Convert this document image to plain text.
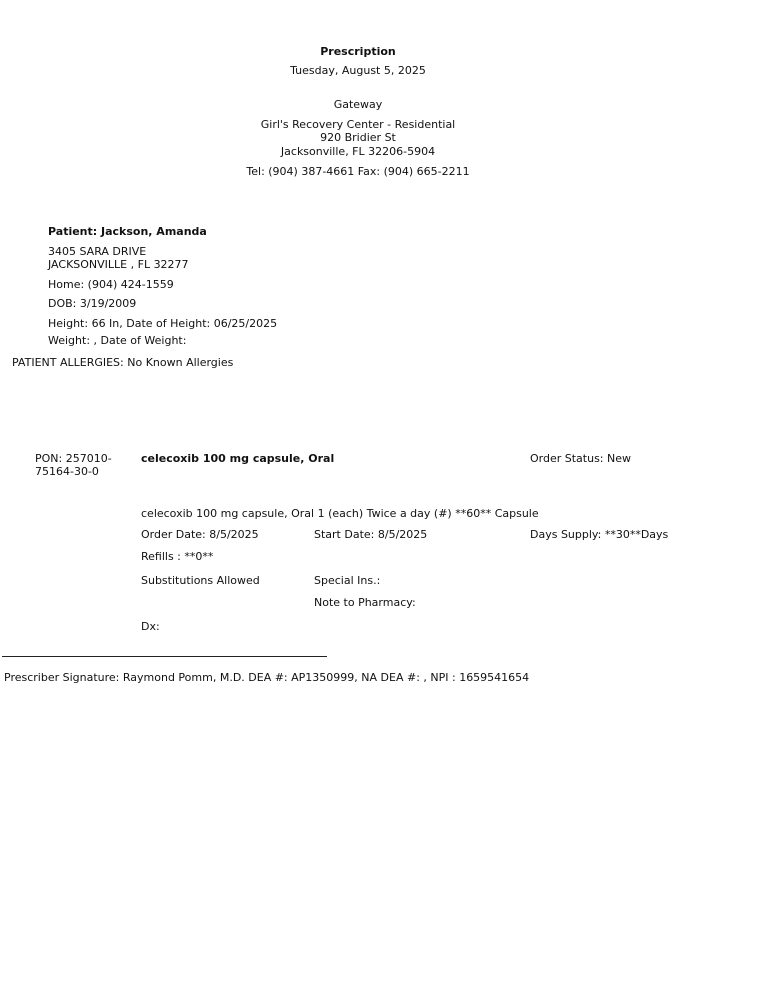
Prescription
Tuesday, August 5, 2025
Gateway
Girl's Recovery Center - Residential
920 Bridier St
Jacksonville, FL 32206-5904
Tel: (904) 387-4661 Fax: (904) 665-2211
Patient: Jackson, Amanda
3405 SARA DRIVE
JACKSONVILLE , FL 32277
Home: (904) 424-1559
DOB: 3/19/2009
Height: 66 In, Date of Height: 06/25/2025
Weight: , Date of Weight:
PATIENT ALLERGIES: No Known Allergies
PON: 257010-75164-30-0
celecoxib 100 mg capsule, Oral	Order Status: New
celecoxib 100 mg capsule, Oral 1 (each) Twice a day (#) **60** Capsule
Order Date: 8/5/2025	Start Date: 8/5/2025	Days Supply: **30**Days
Refills : **0**
Substitutions Allowed	Special Ins.:
Note to Pharmacy:
Dx:
Prescriber Signature: Raymond Pomm, M.D. DEA #: AP1350999, NA DEA #: , NPI : 1659541654
